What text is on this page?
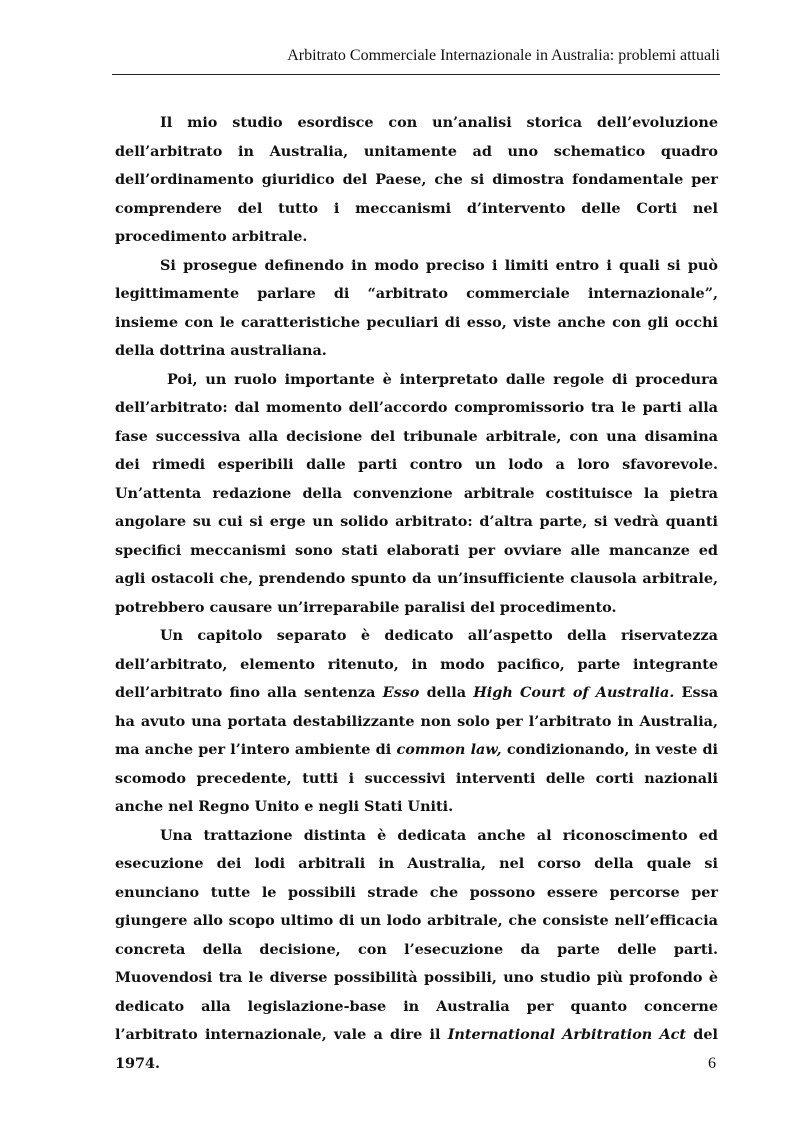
Arbitrato Commerciale Internazionale in Australia: problemi attuali

Il mio studio esordisce con un’analisi storica dell’evoluzione dell’arbitrato in Australia, unitamente ad uno schematico quadro dell’ordinamento giuridico del Paese, che si dimostra fondamentale per comprendere del tutto i meccanismi d’intervento delle Corti nel procedimento arbitrale.

Si prosegue definendo in modo preciso i limiti entro i quali si può legittimamente parlare di “arbitrato commerciale internazionale”, insieme con le caratteristiche peculiari di esso, viste anche con gli occhi della dottrina australiana.

Poi, un ruolo importante è interpretato dalle regole di procedura dell’arbitrato: dal momento dell’accordo compromissorio tra le parti alla fase successiva alla decisione del tribunale arbitrale, con una disamina dei rimedi esperibili dalle parti contro un lodo a loro sfavorevole. Un’attenta redazione della convenzione arbitrale costituisce la pietra angolare su cui si erge un solido arbitrato: d’altra parte, si vedrà quanti specifici meccanismi sono stati elaborati per ovviare alle mancanze ed agli ostacoli che, prendendo spunto da un’insufficiente clausola arbitrale, potrebbero causare un’irreparabile paralisi del procedimento.

Un capitolo separato è dedicato all’aspetto della riservatezza dell’arbitrato, elemento ritenuto, in modo pacifico, parte integrante dell’arbitrato fino alla sentenza Esso della High Court of Australia. Essa ha avuto una portata destabilizzante non solo per l’arbitrato in Australia, ma anche per l’intero ambiente di common law, condizionando, in veste di scomodo precedente, tutti i successivi interventi delle corti nazionali anche nel Regno Unito e negli Stati Uniti.

Una trattazione distinta è dedicata anche al riconoscimento ed esecuzione dei lodi arbitrali in Australia, nel corso della quale si enunciano tutte le possibili strade che possono essere percorse per giungere allo scopo ultimo di un lodo arbitrale, che consiste nell’efficacia concreta della decisione, con l’esecuzione da parte delle parti. Muovendosi tra le diverse possibilità possibili, uno studio più profondo è dedicato alla legislazione-base in Australia per quanto concerne l’arbitrato internazionale, vale a dire il International Arbitration Act del 1974.	6
